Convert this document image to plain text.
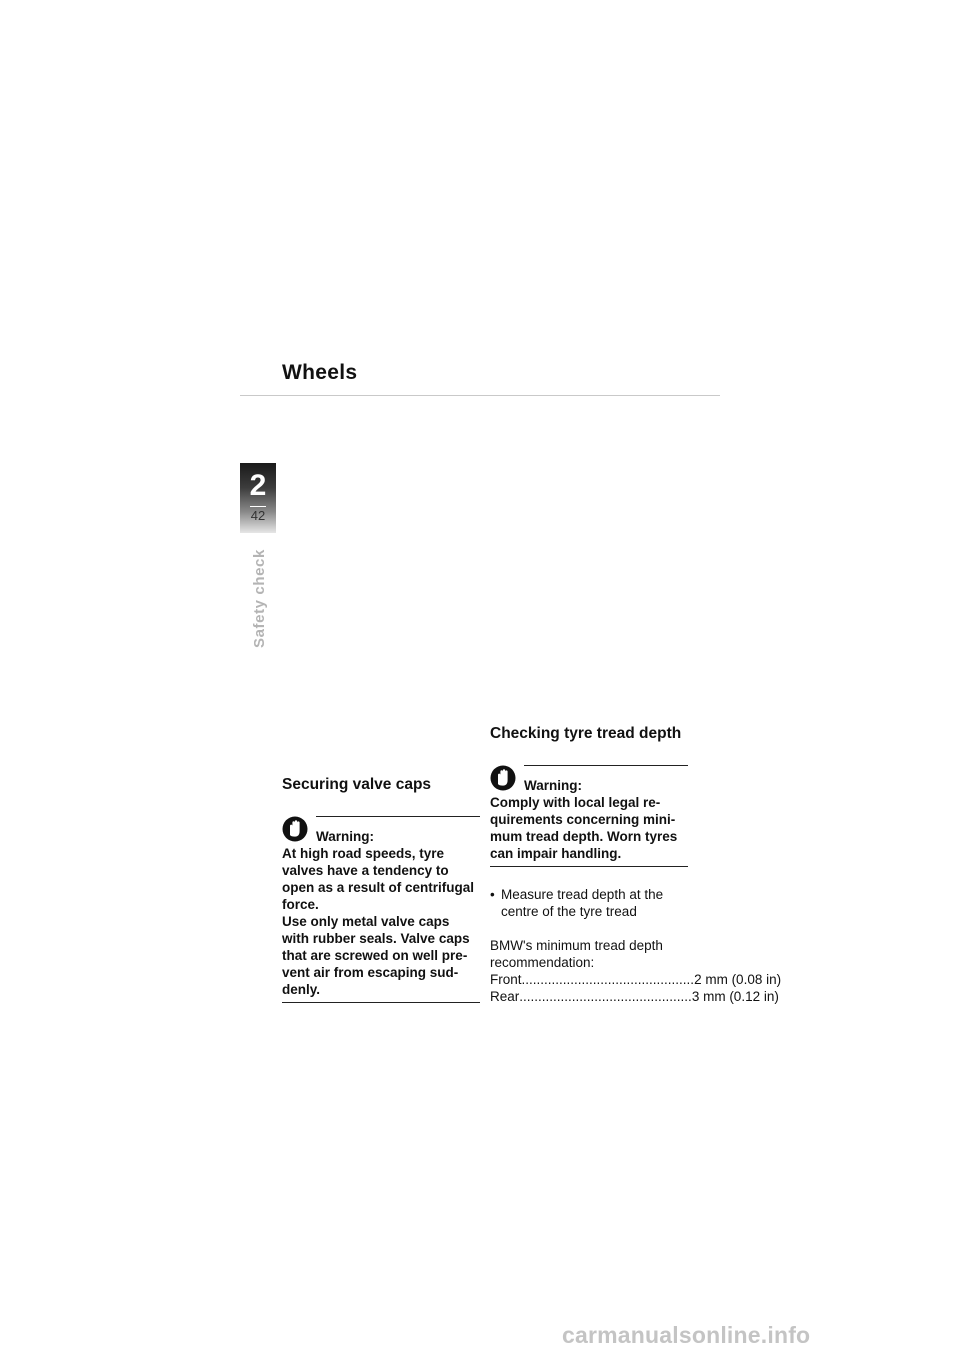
Wheels
2
42
Safety check
Securing valve caps
Warning:
At high road speeds, tyre
valves have a tendency to
open as a result of centrifugal
force.
Use only metal valve caps
with rubber seals. Valve caps
that are screwed on well pre-
vent air from escaping sud-
denly.
Checking tyre tread depth
Warning:
Comply with local legal re-
quirements concerning mini-
mum tread depth. Worn tyres
can impair handling.
• Measure tread depth at the
centre of the tyre tread
BMW's minimum tread depth
recommendation:
Front .............................................. 2 mm (0.08 in)
Rear .............................................. 3 mm (0.12 in)
carmanualsonline.info
